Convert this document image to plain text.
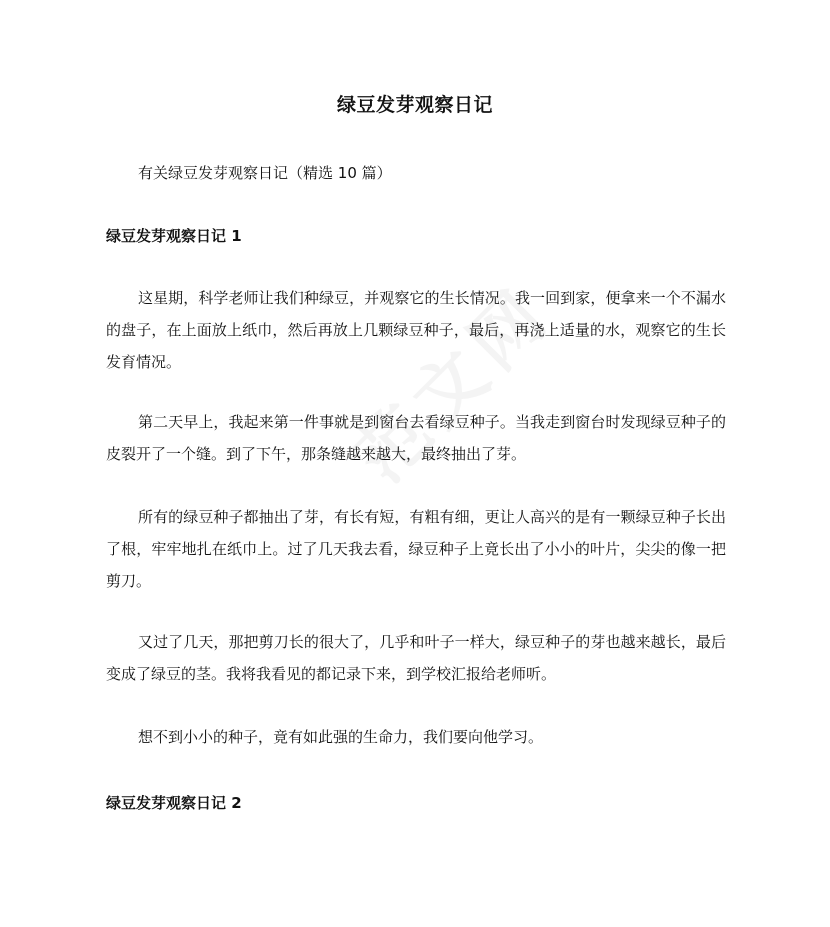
绿豆发芽观察日记
有关绿豆发芽观察日记（精选 10 篇）
绿豆发芽观察日记 1
这星期，科学老师让我们种绿豆，并观察它的生长情况。我一回到家，便拿来一个不漏水的盘子，在上面放上纸巾，然后再放上几颗绿豆种子，最后，再浇上适量的水，观察它的生长发育情况。
第二天早上，我起来第一件事就是到窗台去看绿豆种子。当我走到窗台时发现绿豆种子的皮裂开了一个缝。到了下午，那条缝越来越大，最终抽出了芽。
所有的绿豆种子都抽出了芽，有长有短，有粗有细，更让人高兴的是有一颗绿豆种子长出了根，牢牢地扎在纸巾上。过了几天我去看，绿豆种子上竟长出了小小的叶片，尖尖的像一把剪刀。
又过了几天，那把剪刀长的很大了，几乎和叶子一样大，绿豆种子的芽也越来越长，最后变成了绿豆的茎。我将我看见的都记录下来，到学校汇报给老师听。
想不到小小的种子，竟有如此强的生命力，我们要向他学习。
绿豆发芽观察日记 2
